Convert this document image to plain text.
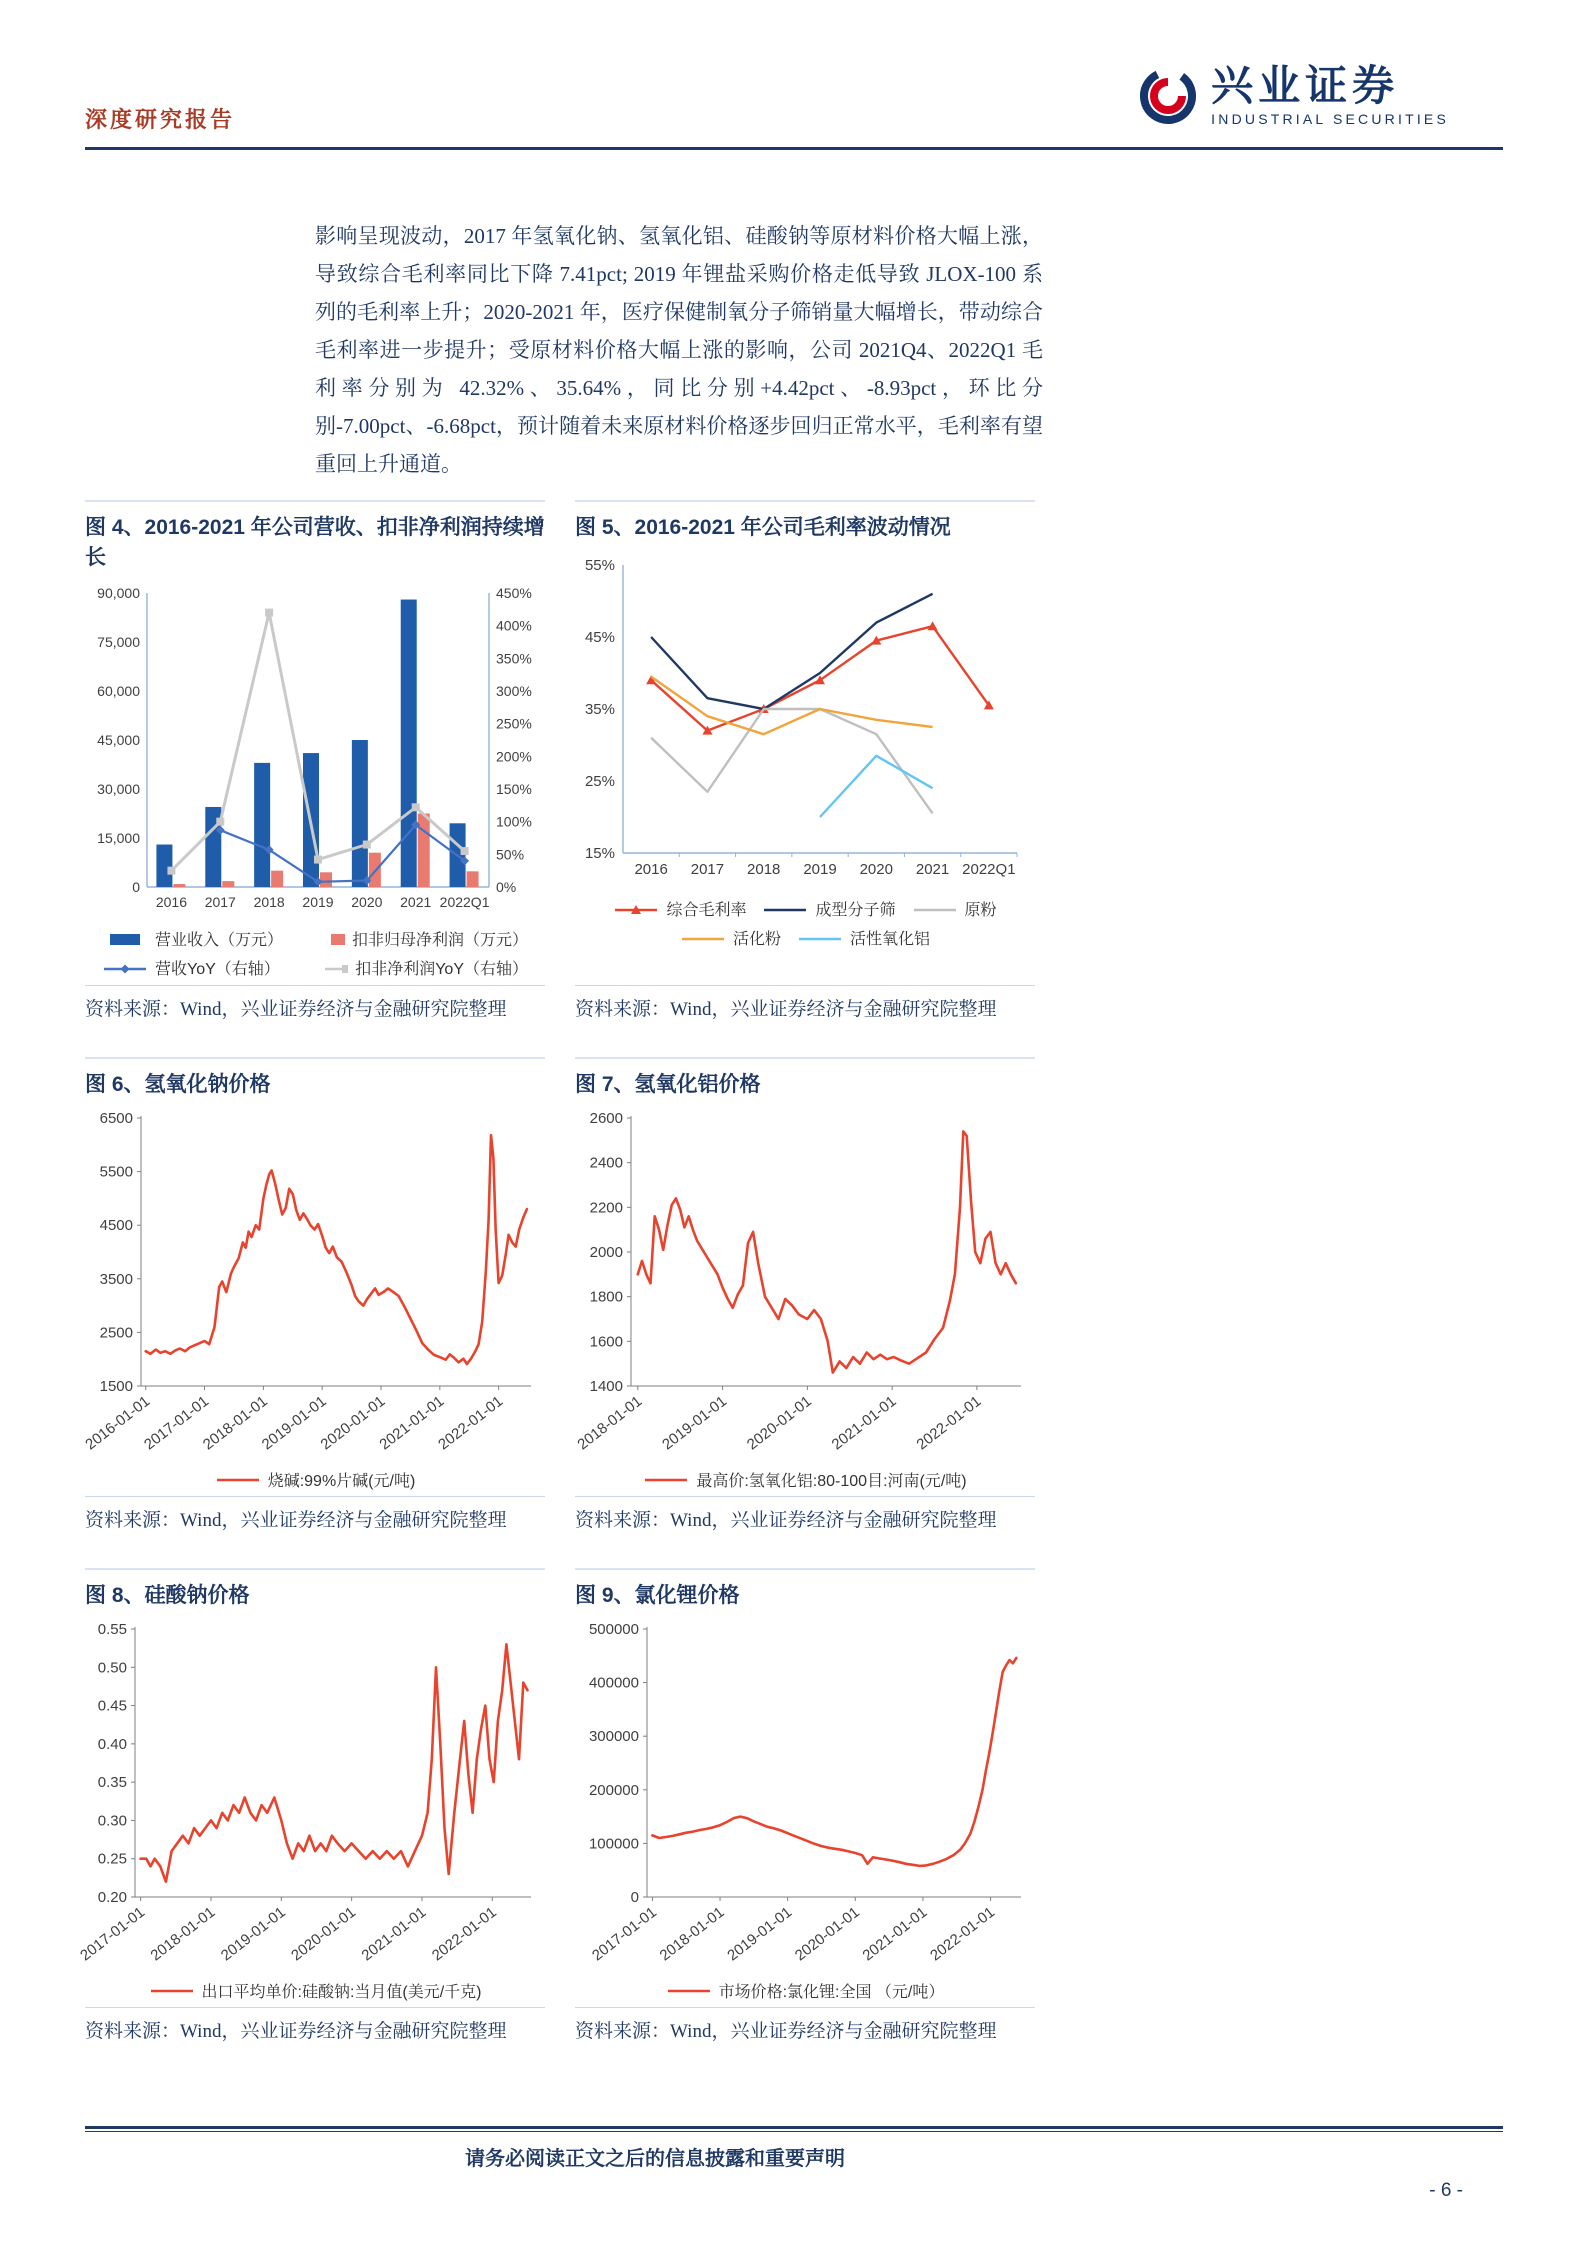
深度研究报告
兴业证券
INDUSTRIAL SECURITIES

影响呈现波动，2017 年氢氧化钠、氢氧化铝、硅酸钠等原材料价格大幅上涨，导致综合毛利率同比下降 7.41pct; 2019 年锂盐采购价格走低导致 JLOX-100 系列的毛利率上升；2020-2021 年，医疗保健制氧分子筛销量大幅增长，带动综合毛利率进一步提升；受原材料价格大幅上涨的影响，公司 2021Q4、2022Q1 毛利率分别为 42.32%、35.64%，同比分别+4.42pct、-8.93pct，环比分别-7.00pct、-6.68pct，预计随着未来原材料价格逐步回归正常水平，毛利率有望重回上升通道。

图 4、2016-2021 年公司营收、扣非净利润持续增长
0
15,000
30,000
45,000
60,000
75,000
90,000
0%
50%
100%
150%
200%
250%
300%
350%
400%
450%
2016 2017 2018 2019 2020 2021 2022Q1
营业收入（万元）	扣非归母净利润（万元）
营收YoY（右轴）	扣非净利润YoY（右轴）
资料来源：Wind，兴业证券经济与金融研究院整理
图 5、2016-2021 年公司毛利率波动情况
15%
25%
35%
45%
55%
2016 2017 2018 2019 2020 2021 2022Q1
综合毛利率	成型分子筛	原粉
活化粉	活性氧化铝
资料来源：Wind，兴业证券经济与金融研究院整理
图 6、氢氧化钠价格
1500
2500
3500
4500
5500
6500
2016-01-01
2017-01-01
2018-01-01
2019-01-01
2020-01-01
2021-01-01
2022-01-01
烧碱:99%片碱(元/吨)
资料来源：Wind，兴业证券经济与金融研究院整理
图 7、氢氧化铝价格
1400
1600
1800
2000
2200
2400
2600
2018-01-01 2019-01-01 2020-01-01 2021-01-01 2022-01-01
最高价:氢氧化铝:80-100目:河南(元/吨)
资料来源：Wind，兴业证券经济与金融研究院整理
图 8、硅酸钠价格
0.20
0.25
0.30
0.35
0.40
0.45
0.50
0.55
2017-01-01 2018-01-01 2019-01-01 2020-01-01 2021-01-01 2022-01-01
出口平均单价:硅酸钠:当月值(美元/千克)
资料来源：Wind，兴业证券经济与金融研究院整理
图 9、氯化锂价格
0
100000
200000
300000
400000
500000
2017-01-01
2018-01-01
2019-01-01
2020-01-01
2021-01-01
2022-01-01
市场价格:氯化锂:全国 （元/吨）
资料来源：Wind，兴业证券经济与金融研究院整理
请务必阅读正文之后的信息披露和重要声明
- 6 -
